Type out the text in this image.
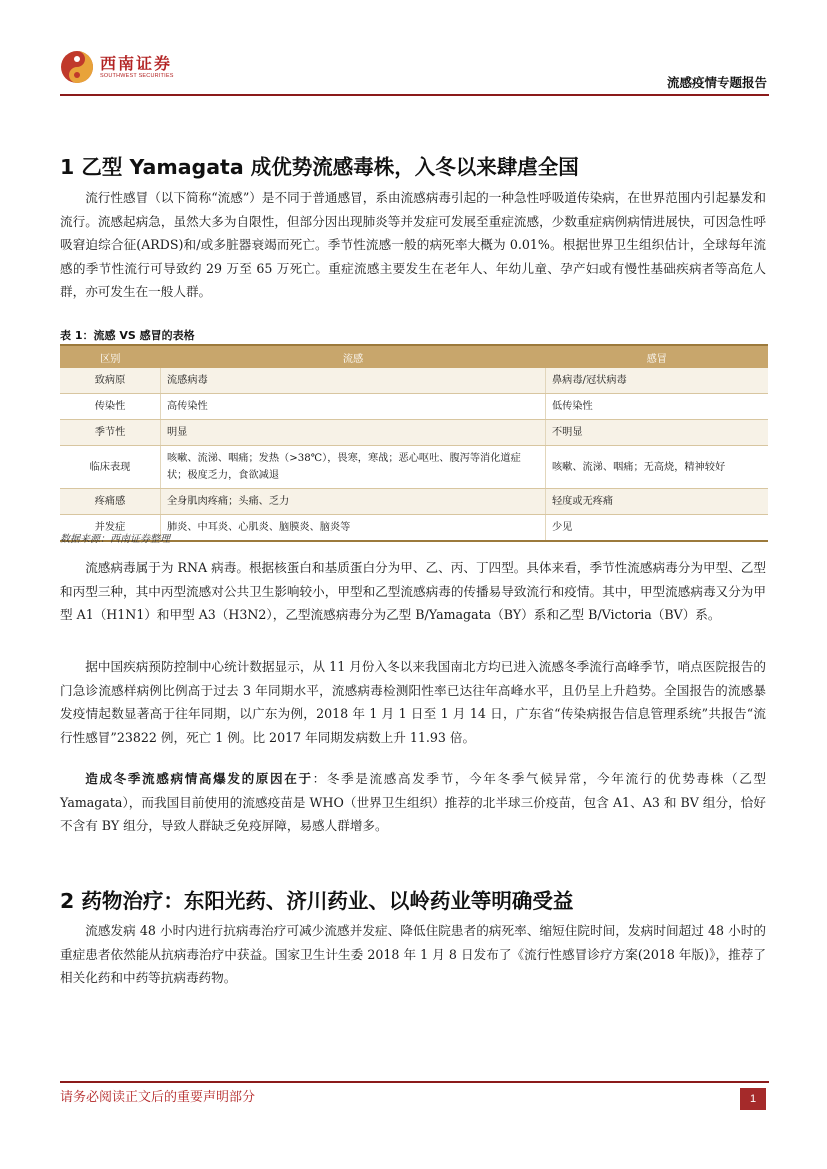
西南证券
SOUTHWEST SECURITIES	流感疫情专题报告
1 乙型 Yamagata 成优势流感毒株，入冬以来肆虐全国

流行性感冒（以下简称“流感”）是不同于普通感冒，系由流感病毒引起的一种急性呼吸道传染病，在世界范围内引起暴发和流行。流感起病急，虽然大多为自限性，但部分因出现肺炎等并发症可发展至重症流感，少数重症病例病情进展快，可因急性呼吸窘迫综合征(ARDS)和/或多脏器衰竭而死亡。季节性流感一般的病死率大概为 0.01%。根据世界卫生组织估计，全球每年流感的季节性流行可导致约 29 万至 65 万死亡。重症流感主要发生在老年人、年幼儿童、孕产妇或有慢性基础疾病者等高危人群，亦可发生在一般人群。

表 1：流感 VS 感冒的表格
区别	流感	感冒
致病原	流感病毒	鼻病毒/冠状病毒
传染性	高传染性	低传染性
季节性	明显	不明显
临床表现	咳嗽、流涕、咽痛；发热（>38℃），畏寒，寒战；恶心呕吐、腹泻等消化道症状；极度乏力，食欲减退	咳嗽、流涕、咽痛；无高烧，精神较好
疼痛感	全身肌肉疼痛；头痛、乏力	轻度或无疼痛
并发症	肺炎、中耳炎、心肌炎、脑膜炎、脑炎等	少见
数据来源：西南证券整理

流感病毒属于为 RNA 病毒。根据核蛋白和基质蛋白分为甲、乙、丙、丁四型。具体来看，季节性流感病毒分为甲型、乙型和丙型三种，其中丙型流感对公共卫生影响较小，甲型和乙型流感病毒的传播易导致流行和疫情。其中，甲型流感病毒又分为甲型 A1（H1N1）和甲型 A3（H3N2），乙型流感病毒分为乙型 B/Yamagata（BY）系和乙型 B/Victoria（BV）系。

据中国疾病预防控制中心统计数据显示，从 11 月份入冬以来我国南北方均已进入流感冬季流行高峰季节，哨点医院报告的门急诊流感样病例比例高于过去 3 年同期水平，流感病毒检测阳性率已达往年高峰水平，且仍呈上升趋势。全国报告的流感暴发疫情起数显著高于往年同期，以广东为例，2018 年 1 月 1 日至 1 月 14 日，广东省“传染病报告信息管理系统”共报告“流行性感冒”23822 例，死亡 1 例。比 2017 年同期发病数上升 11.93 倍。

造成冬季流感病情高爆发的原因在于：冬季是流感高发季节，今年冬季气候异常，今年流行的优势毒株（乙型 Yamagata），而我国目前使用的流感疫苗是 WHO（世界卫生组织）推荐的北半球三价疫苗，包含 A1、A3 和 BV 组分，恰好不含有 BY 组分，导致人群缺乏免疫屏障，易感人群增多。

2 药物治疗：东阳光药、济川药业、以岭药业等明确受益

流感发病 48 小时内进行抗病毒治疗可减少流感并发症、降低住院患者的病死率、缩短住院时间，发病时间超过 48 小时的重症患者依然能从抗病毒治疗中获益。国家卫生计生委 2018 年 1 月 8 日发布了《流行性感冒诊疗方案(2018 年版)》，推荐了相关化药和中药等抗病毒药物。

请务必阅读正文后的重要声明部分	1
